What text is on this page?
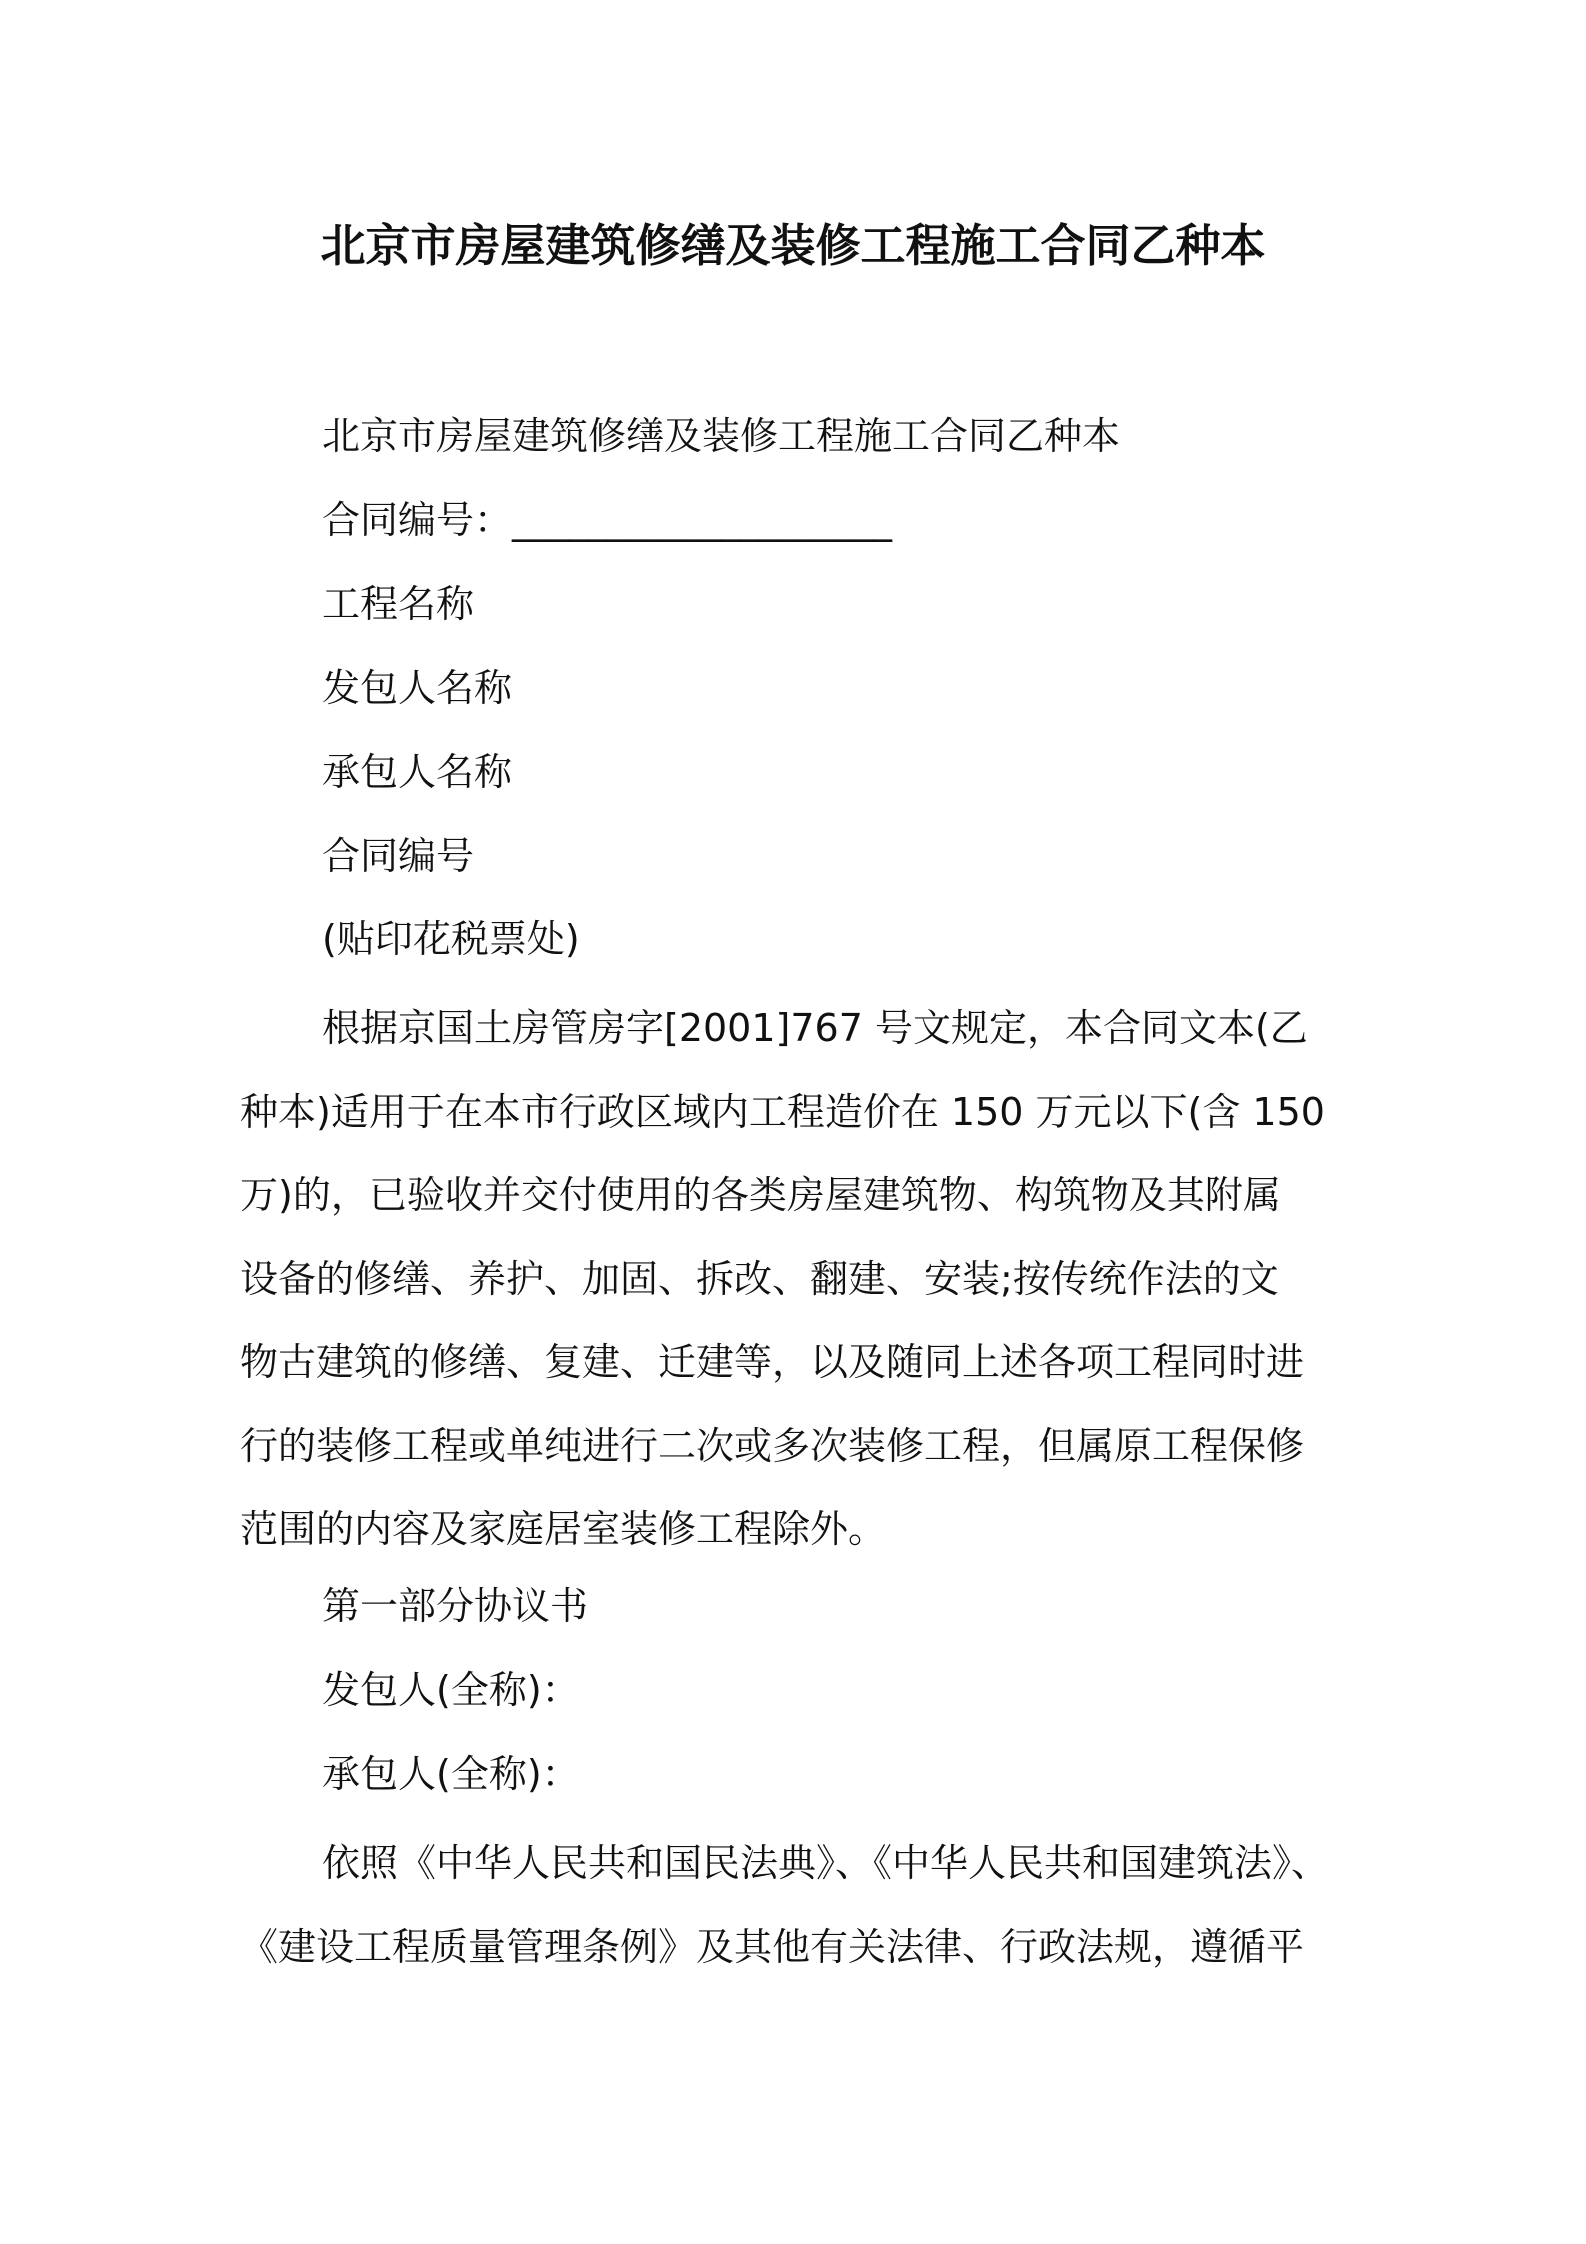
北京市房屋建筑修缮及装修工程施工合同乙种本
北京市房屋建筑修缮及装修工程施工合同乙种本
合同编号：____________________
工程名称
发包人名称
承包人名称
合同编号
(贴印花税票处)
根据京国土房管房字[2001]767 号文规定，本合同文本(乙
种本)适用于在本市行政区域内工程造价在 150 万元以下(含 150
万)的，已验收并交付使用的各类房屋建筑物、构筑物及其附属
设备的修缮、养护、加固、拆改、翻建、安装;按传统作法的文
物古建筑的修缮、复建、迁建等，以及随同上述各项工程同时进
行的装修工程或单纯进行二次或多次装修工程，但属原工程保修
范围的内容及家庭居室装修工程除外。
第一部分协议书
发包人(全称)：
承包人(全称)：
依照《中华人民共和国民法典》、《中华人民共和国建筑法》、
《建设工程质量管理条例》及其他有关法律、行政法规，遵循平
